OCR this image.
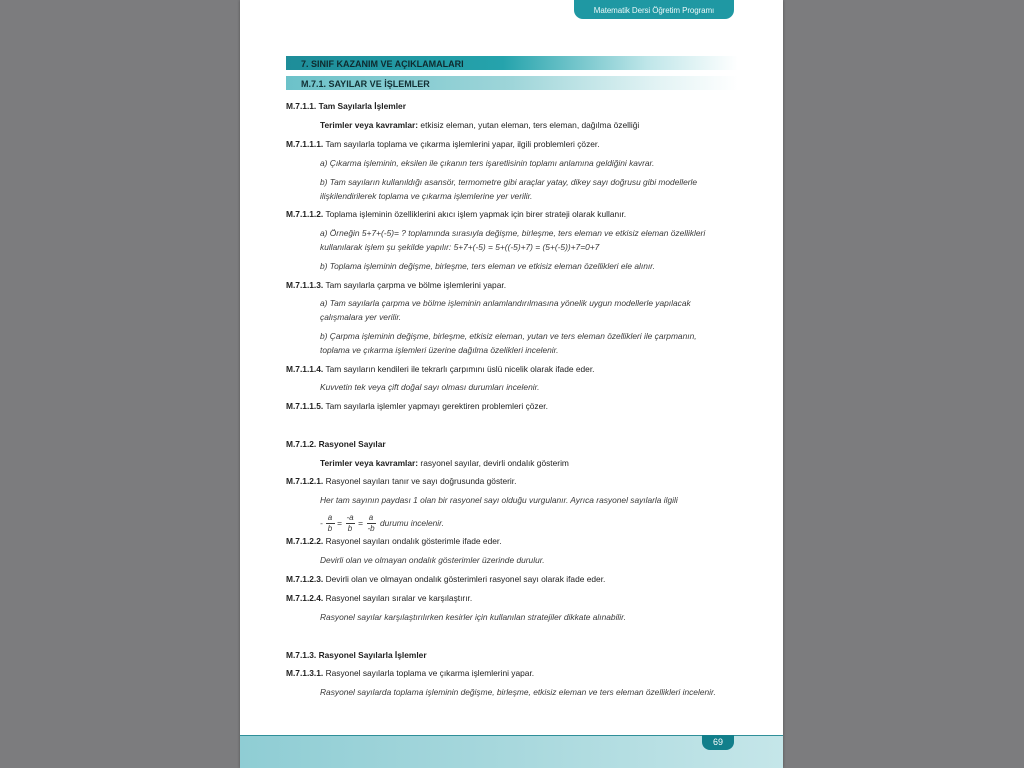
Matematik Dersi Öğretim Programı
7. SINIF KAZANIM VE AÇIKLAMALARI
M.7.1. SAYILAR VE İŞLEMLER
M.7.1.1. Tam Sayılarla İşlemler
Terimler veya kavramlar: etkisiz eleman, yutan eleman, ters eleman, dağılma özelliği
M.7.1.1.1. Tam sayılarla toplama ve çıkarma işlemlerini yapar, ilgili problemleri çözer.
a) Çıkarma işleminin, eksilen ile çıkanın ters işaretlisinin toplamı anlamına geldiğini kavrar.
b) Tam sayıların kullanıldığı asansör, termometre gibi araçlar yatay, dikey sayı doğrusu gibi modellerle
ilişkilendirilerek toplama ve çıkarma işlemlerine yer verilir.
M.7.1.1.2. Toplama işleminin özelliklerini akıcı işlem yapmak için birer strateji olarak kullanır.
a) Örneğin 5+7+(-5)= ? toplamında sırasıyla değişme, birleşme, ters eleman ve etkisiz eleman özellikleri
kullanılarak işlem şu şekilde yapılır: 5+7+(-5) = 5+((-5)+7) = (5+(-5))+7=0+7
b) Toplama işleminin değişme, birleşme, ters eleman ve etkisiz eleman özellikleri ele alınır.
M.7.1.1.3. Tam sayılarla çarpma ve bölme işlemlerini yapar.
a) Tam sayılarla çarpma ve bölme işleminin anlamlandırılmasına yönelik uygun modellerle yapılacak
çalışmalara yer verilir.
b) Çarpma işleminin değişme, birleşme, etkisiz eleman, yutan ve ters eleman özellikleri ile çarpmanın,
toplama ve çıkarma işlemleri üzerine dağılma özelikleri incelenir.
M.7.1.1.4. Tam sayıların kendileri ile tekrarlı çarpımını üslü nicelik olarak ifade eder.
Kuvvetin tek veya çift doğal sayı olması durumları incelenir.
M.7.1.1.5. Tam sayılarla işlemler yapmayı gerektiren problemleri çözer.
M.7.1.2. Rasyonel Sayılar
Terimler veya kavramlar: rasyonel sayılar, devirli ondalık gösterim
M.7.1.2.1. Rasyonel sayıları tanır ve sayı doğrusunda gösterir.
Her tam sayının paydası 1 olan bir rasyonel sayı olduğu vurgulanır. Ayrıca rasyonel sayılarla ilgili
-
a
b
=
-a
b
=
a
-b
durumu incelenir.
M.7.1.2.2. Rasyonel sayıları ondalık gösterimle ifade eder.
Devirli olan ve olmayan ondalık gösterimler üzerinde durulur.
M.7.1.2.3. Devirli olan ve olmayan ondalık gösterimleri rasyonel sayı olarak ifade eder.
M.7.1.2.4. Rasyonel sayıları sıralar ve karşılaştırır.
Rasyonel sayılar karşılaştırılırken kesirler için kullanılan stratejiler dikkate alınabilir.
M.7.1.3. Rasyonel Sayılarla İşlemler
M.7.1.3.1. Rasyonel sayılarla toplama ve çıkarma işlemlerini yapar.
Rasyonel sayılarda toplama işleminin değişme, birleşme, etkisiz eleman ve ters eleman özellikleri incelenir.
69
